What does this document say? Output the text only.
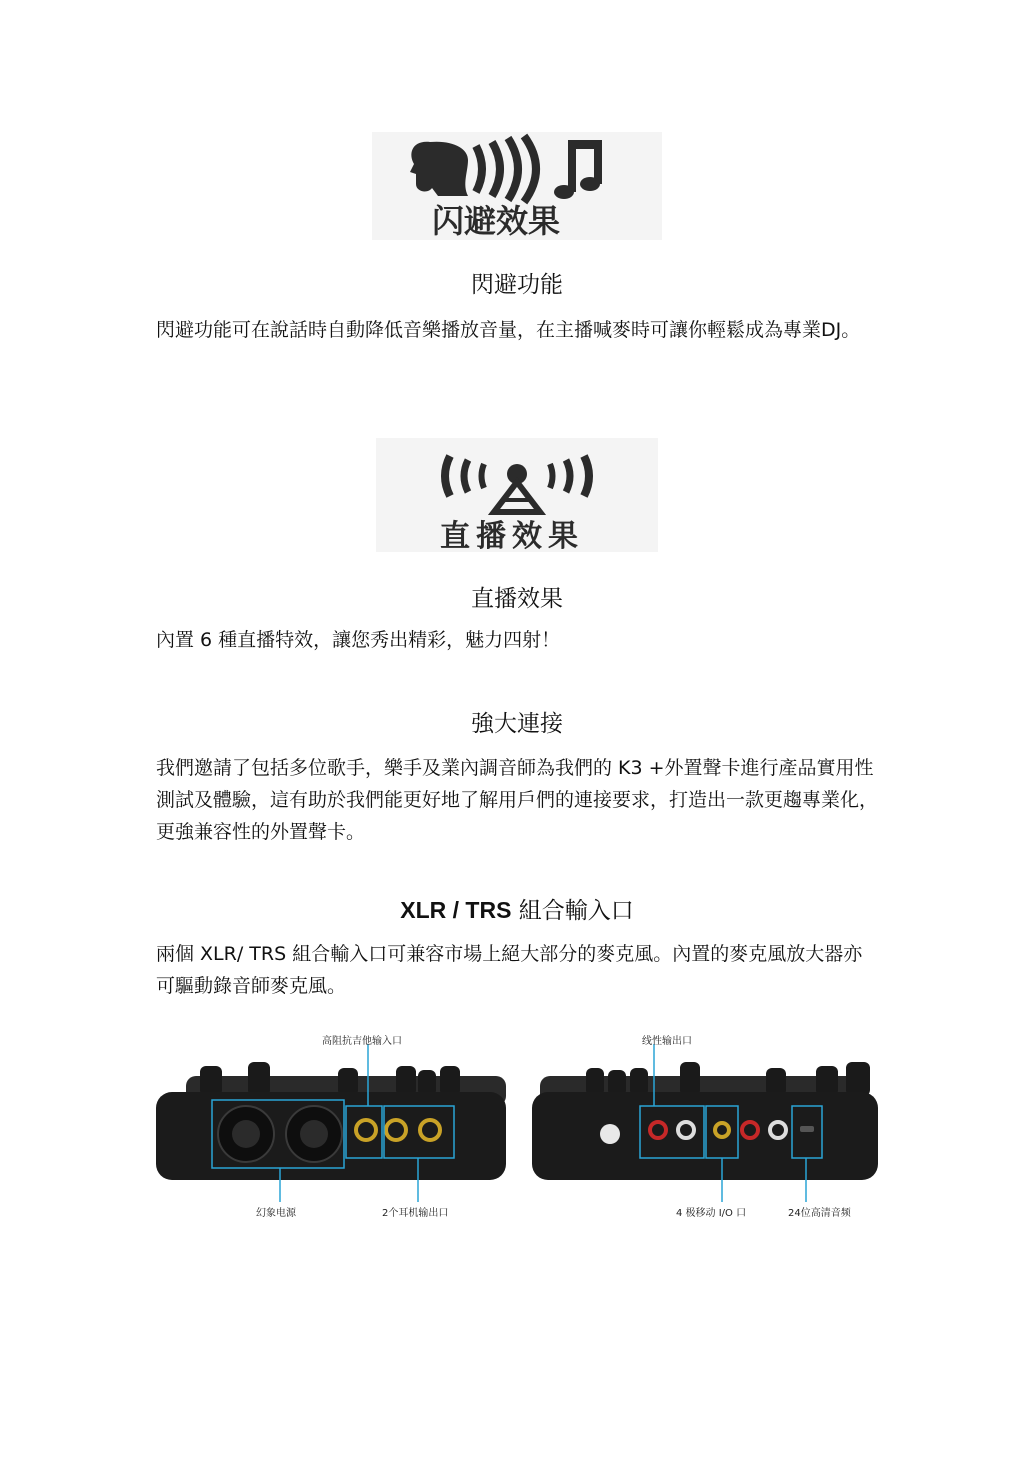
闪避效果
閃避功能
閃避功能可在說話時自動降低音樂播放音量，在主播喊麥時可讓你輕鬆成為專業DJ。
直播效果
直播效果
內置 6 種直播特效，讓您秀出精彩，魅力四射！
強大連接
我們邀請了包括多位歌手，樂手及業內調音師為我們的 K3 +外置聲卡進行產品實用性測試及體驗，這有助於我們能更好地了解用戶們的連接要求，打造出一款更趨專業化，更強兼容性的外置聲卡。
XLR / TRS 組合輸入口
兩個 XLR/ TRS 組合輸入口可兼容市場上絕大部分的麥克風。內置的麥克風放大器亦可驅動錄音師麥克風。
高阻抗吉他输入口	线性输出口
幻象电源	2个耳机输出口	4 极移动 I/O 口	24位高清音频
